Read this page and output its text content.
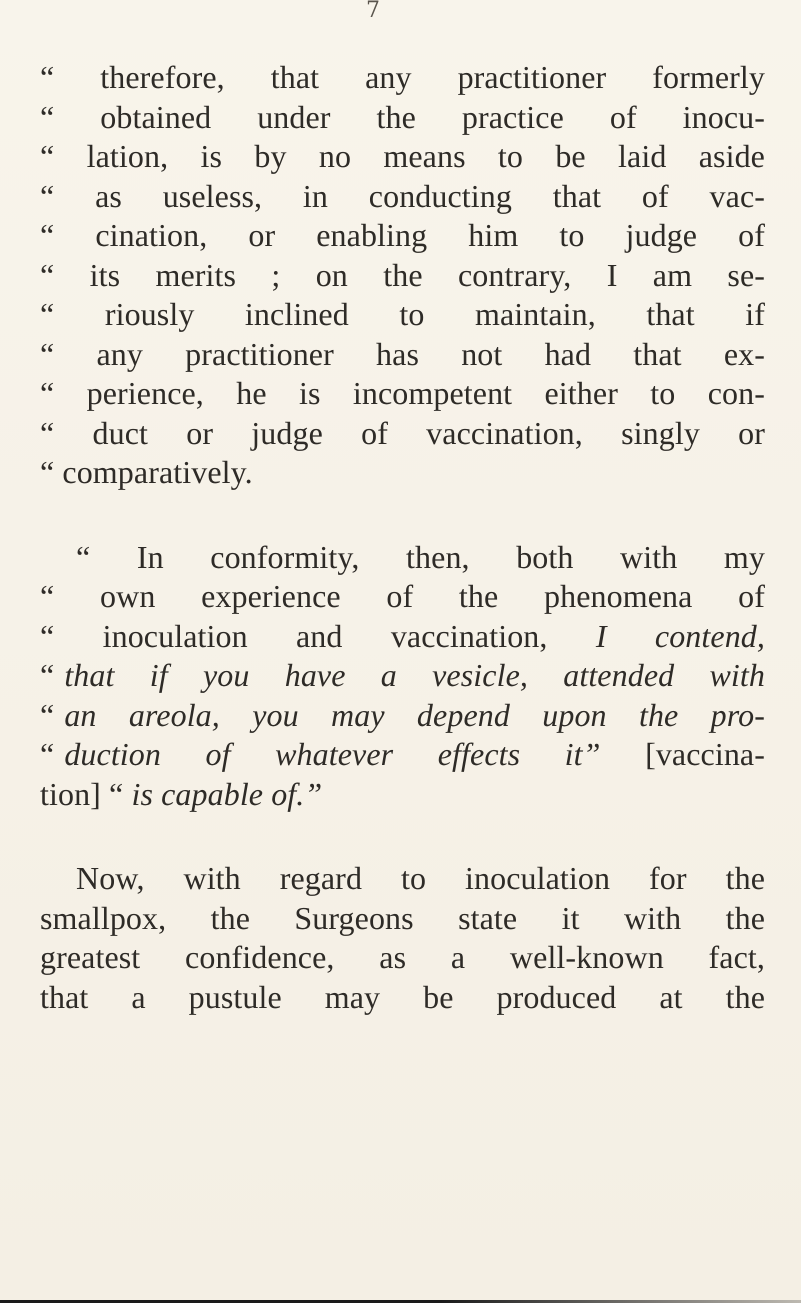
7
“ therefore, that any practitioner formerly
“ obtained under the practice of inocu-
“ lation, is by no means to be laid aside
“ as useless, in conducting that of vac-
“ cination, or enabling him to judge of
“ its merits ; on the contrary, I am se-
“ riously inclined to maintain, that if
“ any practitioner has not had that ex-
“ perience, he is incompetent either to con-
“ duct or judge of vaccination, singly or
“ comparatively.
“ In conformity, then, both with my
“ own experience of the phenomena of
“ inoculation and vaccination, I contend,
“ that if you have a vesicle, attended with
“ an areola, you may depend upon the pro-
“ duction of whatever effects it” [vaccina-
tion] “ is capable of.”
Now, with regard to inoculation for the
smallpox, the Surgeons state it with the
greatest confidence, as a well-known fact,
that a pustule may be produced at the
